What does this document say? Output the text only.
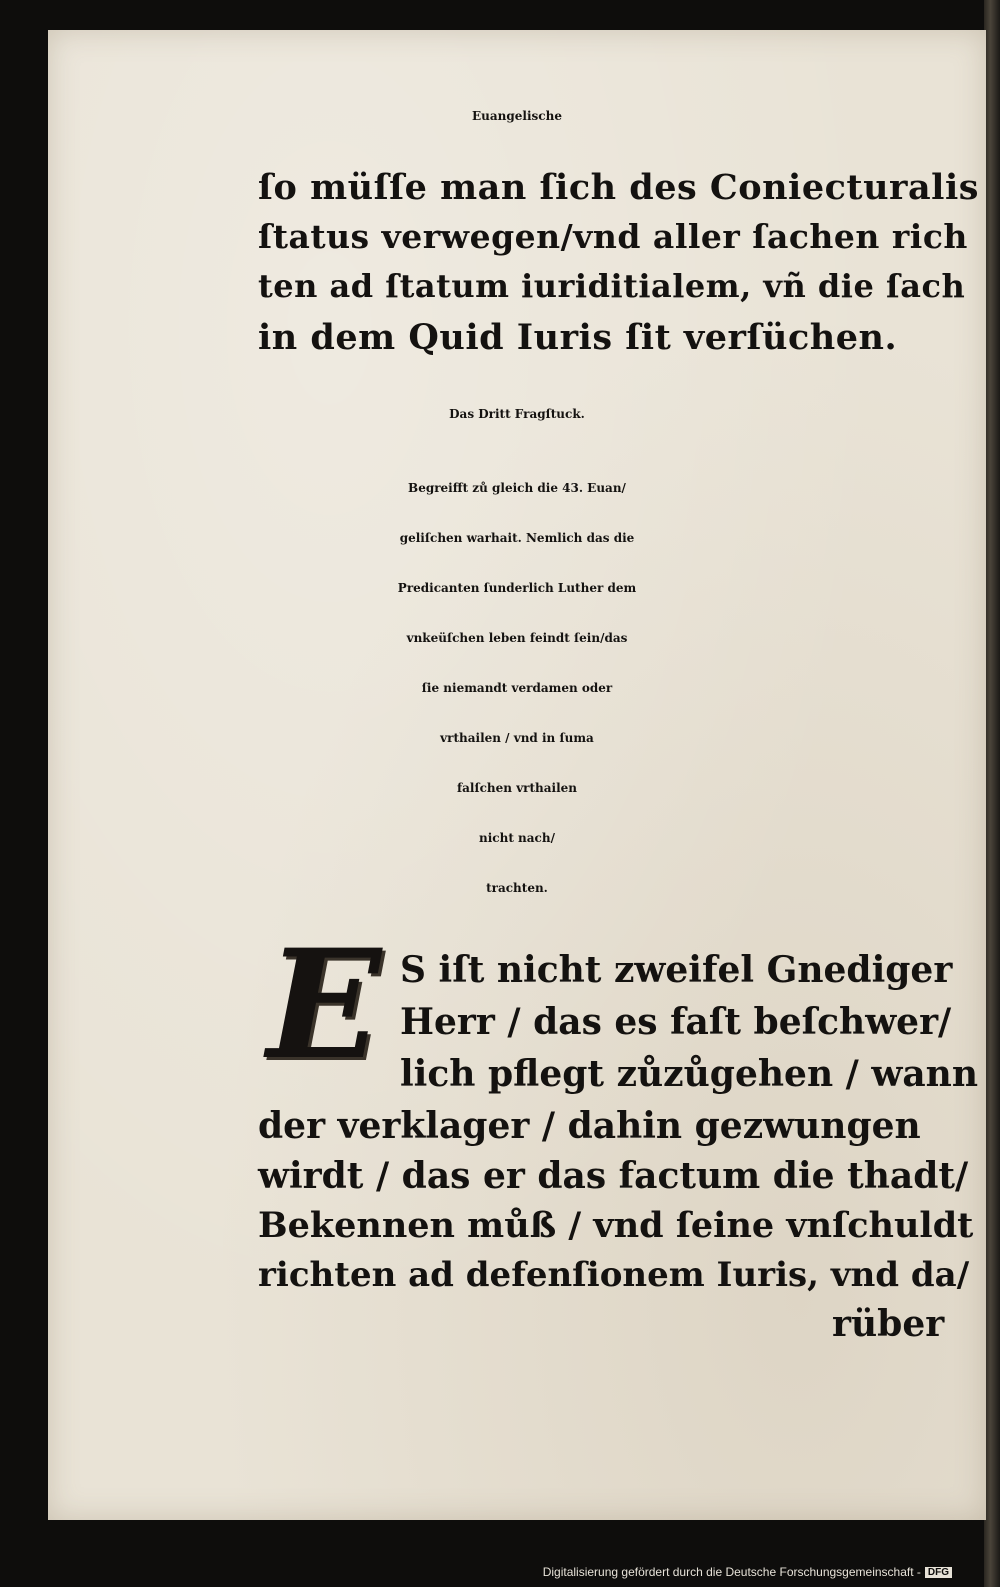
Euangelische

ſo müſſe man ſich des Coniecturalis

ſtatus verwegen/vnd aller ſachen rich

ten ad ſtatum iuriditialem, vñ die ſach

in dem Quid Iuris ſit verſüchen.

Das Dritt Fragſtuck.

Begreifft zů gleich die 43. Euan/

geliſchen warhait. Nemlich das die

Predicanten ſunderlich Luther dem

vnkeüſchen leben feindt ſein/das

ſie niemandt verdamen oder

vrthailen / vnd in ſuma

falſchen vrthailen

nicht nach/

trachten.

E S iſt nicht zweifel Gnediger

Herr / das es faſt beſchwer/

lich pflegt zůzůgehen / wann

der verklager / dahin gezwungen

wirdt / das er das factum die thadt/

Bekennen můß / vnd ſeine vnſchuldt

richten ad defenſionem Iuris, vnd da/

rüber

Digitalisierung gefördert durch die Deutsche Forschungsgemeinschaft - DFG
